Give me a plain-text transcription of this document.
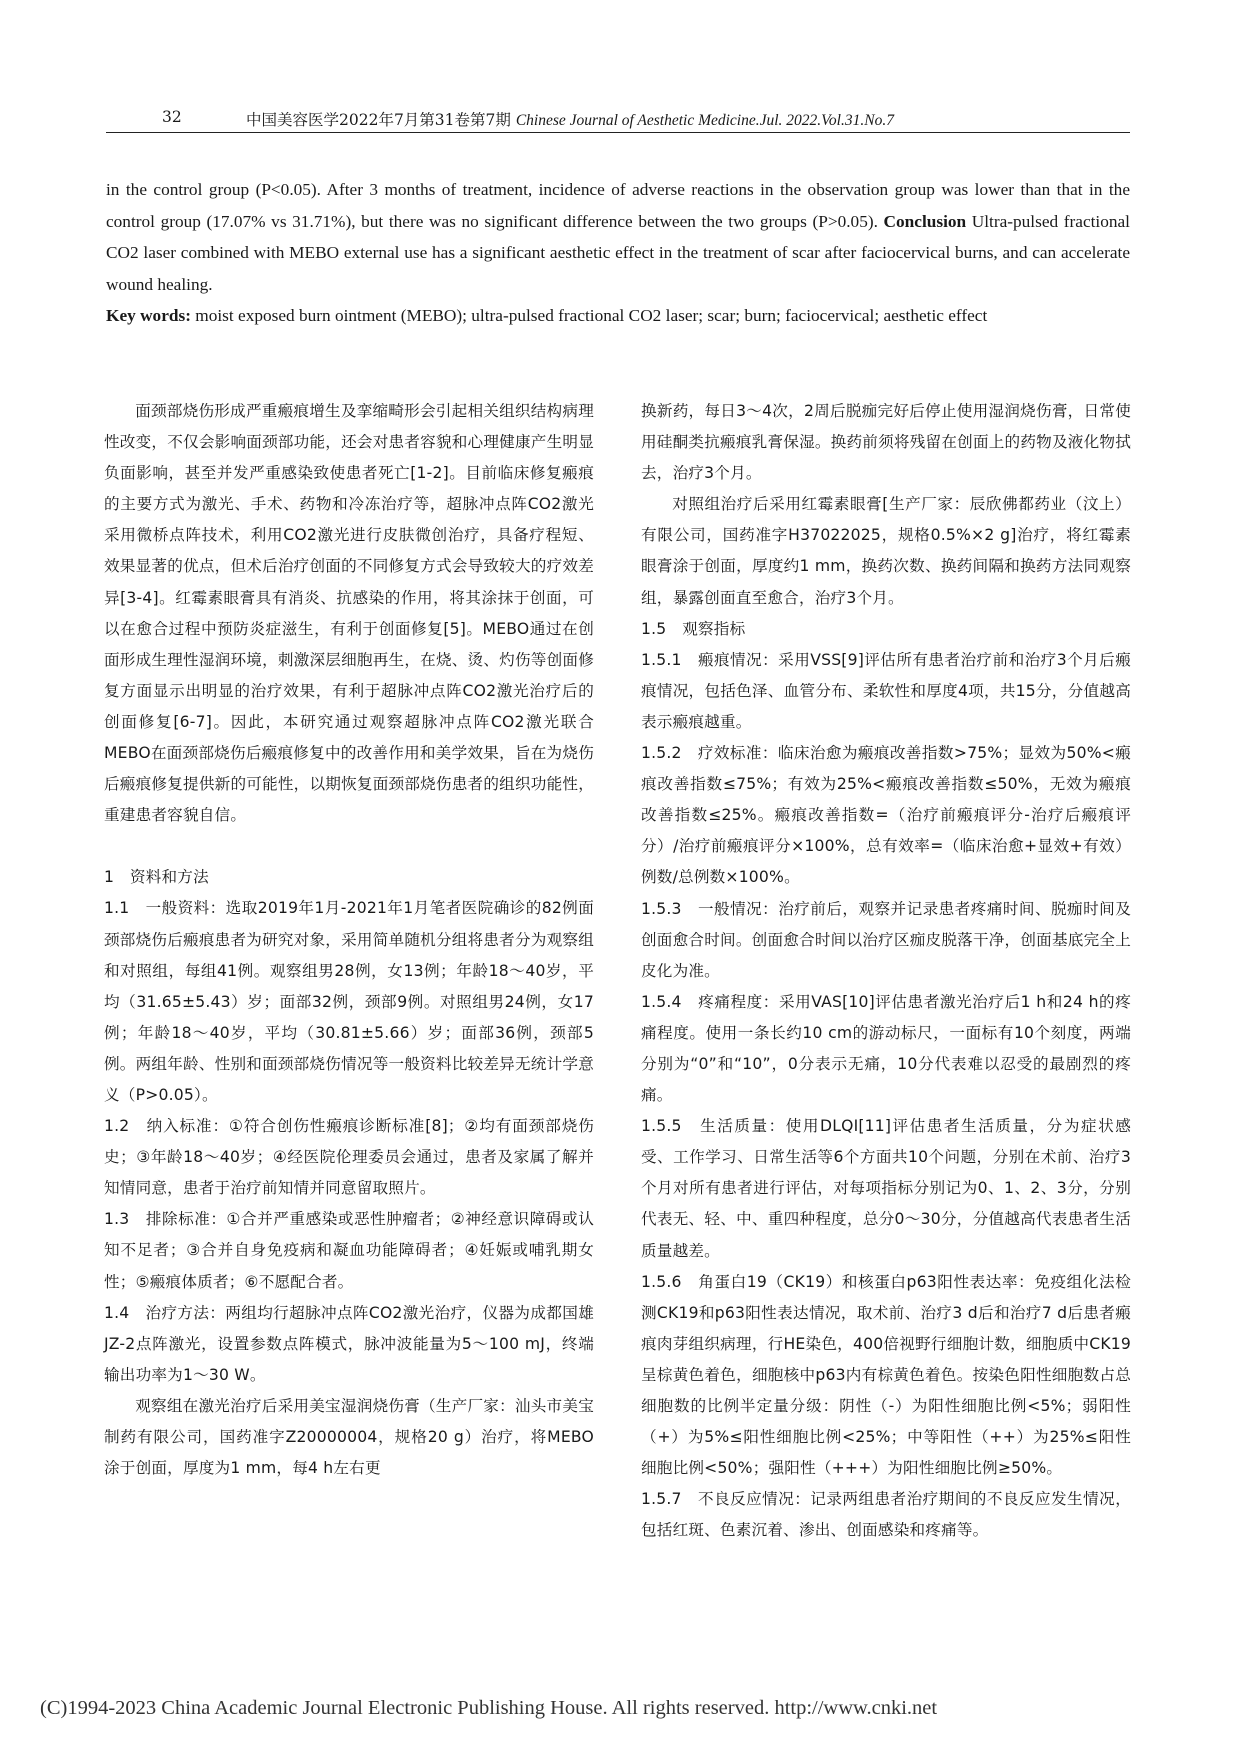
32	中国美容医学2022年7月第31卷第7期 Chinese Journal of Aesthetic Medicine.Jul. 2022.Vol.31.No.7

in the control group (P<0.05). After 3 months of treatment, incidence of adverse reactions in the observation group was lower than that in the control group (17.07% vs 31.71%), but there was no significant difference between the two groups (P>0.05). Conclusion Ultra-pulsed fractional CO2 laser combined with MEBO external use has a significant aesthetic effect in the treatment of scar after faciocervical burns, and can accelerate wound healing.

Key words: moist exposed burn ointment (MEBO); ultra-pulsed fractional CO2 laser; scar; burn; faciocervical; aesthetic effect

面颈部烧伤形成严重瘢痕增生及挛缩畸形会引起相关组织结构病理性改变，不仅会影响面颈部功能，还会对患者容貌和心理健康产生明显负面影响，甚至并发严重感染致使患者死亡[1-2]。目前临床修复瘢痕的主要方式为激光、手术、药物和冷冻治疗等，超脉冲点阵CO2激光采用微桥点阵技术，利用CO2激光进行皮肤微创治疗，具备疗程短、效果显著的优点，但术后治疗创面的不同修复方式会导致较大的疗效差异[3-4]。红霉素眼膏具有消炎、抗感染的作用，将其涂抹于创面，可以在愈合过程中预防炎症滋生，有利于创面修复[5]。MEBO通过在创面形成生理性湿润环境，刺激深层细胞再生，在烧、烫、灼伤等创面修复方面显示出明显的治疗效果，有利于超脉冲点阵CO2激光治疗后的创面修复[6-7]。因此，本研究通过观察超脉冲点阵CO2激光联合MEBO在面颈部烧伤后瘢痕修复中的改善作用和美学效果，旨在为烧伤后瘢痕修复提供新的可能性，以期恢复面颈部烧伤患者的组织功能性，重建患者容貌自信。

1　资料和方法

1.1　一般资料：选取2019年1月-2021年1月笔者医院确诊的82例面颈部烧伤后瘢痕患者为研究对象，采用简单随机分组将患者分为观察组和对照组，每组41例。观察组男28例，女13例；年龄18～40岁，平均（31.65±5.43）岁；面部32例，颈部9例。对照组男24例，女17例；年龄18～40岁，平均（30.81±5.66）岁；面部36例，颈部5例。两组年龄、性别和面颈部烧伤情况等一般资料比较差异无统计学意义（P>0.05）。

1.2　纳入标准：①符合创伤性瘢痕诊断标准[8]；②均有面颈部烧伤史；③年龄18～40岁；④经医院伦理委员会通过，患者及家属了解并知情同意，患者于治疗前知情并同意留取照片。

1.3　排除标准：①合并严重感染或恶性肿瘤者；②神经意识障碍或认知不足者；③合并自身免疫病和凝血功能障碍者；④妊娠或哺乳期女性；⑤瘢痕体质者；⑥不愿配合者。

1.4　治疗方法：两组均行超脉冲点阵CO2激光治疗，仪器为成都国雄JZ-2点阵激光，设置参数点阵模式，脉冲波能量为5～100 mJ，终端输出功率为1～30 W。

观察组在激光治疗后采用美宝湿润烧伤膏（生产厂家：汕头市美宝制药有限公司，国药准字Z20000004，规格20 g）治疗，将MEBO涂于创面，厚度为1 mm，每4 h左右更

换新药，每日3～4次，2周后脱痂完好后停止使用湿润烧伤膏，日常使用硅酮类抗瘢痕乳膏保湿。换药前须将残留在创面上的药物及液化物拭去，治疗3个月。

对照组治疗后采用红霉素眼膏[生产厂家：辰欣佛都药业（汶上）有限公司，国药准字H37022025，规格0.5%×2 g]治疗，将红霉素眼膏涂于创面，厚度约1 mm，换药次数、换药间隔和换药方法同观察组，暴露创面直至愈合，治疗3个月。

1.5　观察指标

1.5.1　瘢痕情况：采用VSS[9]评估所有患者治疗前和治疗3个月后瘢痕情况，包括色泽、血管分布、柔软性和厚度4项，共15分，分值越高表示瘢痕越重。

1.5.2　疗效标准：临床治愈为瘢痕改善指数>75%；显效为50%<瘢痕改善指数≤75%；有效为25%<瘢痕改善指数≤50%，无效为瘢痕改善指数≤25%。瘢痕改善指数=（治疗前瘢痕评分-治疗后瘢痕评分）/治疗前瘢痕评分×100%，总有效率=（临床治愈+显效+有效）例数/总例数×100%。

1.5.3　一般情况：治疗前后，观察并记录患者疼痛时间、脱痂时间及创面愈合时间。创面愈合时间以治疗区痂皮脱落干净，创面基底完全上皮化为准。

1.5.4　疼痛程度：采用VAS[10]评估患者激光治疗后1 h和24 h的疼痛程度。使用一条长约10 cm的游动标尺，一面标有10个刻度，两端分别为“0”和“10”，0分表示无痛，10分代表难以忍受的最剧烈的疼痛。

1.5.5　生活质量：使用DLQI[11]评估患者生活质量，分为症状感受、工作学习、日常生活等6个方面共10个问题，分别在术前、治疗3个月对所有患者进行评估，对每项指标分别记为0、1、2、3分，分别代表无、轻、中、重四种程度，总分0～30分，分值越高代表患者生活质量越差。

1.5.6　角蛋白19（CK19）和核蛋白p63阳性表达率：免疫组化法检测CK19和p63阳性表达情况，取术前、治疗3 d后和治疗7 d后患者瘢痕肉芽组织病理，行HE染色，400倍视野行细胞计数，细胞质中CK19呈棕黄色着色，细胞核中p63内有棕黄色着色。按染色阳性细胞数占总细胞数的比例半定量分级：阴性（-）为阳性细胞比例<5%；弱阳性（+）为5%≤阳性细胞比例<25%；中等阳性（++）为25%≤阳性细胞比例<50%；强阳性（+++）为阳性细胞比例≥50%。

1.5.7　不良反应情况：记录两组患者治疗期间的不良反应发生情况，包括红斑、色素沉着、渗出、创面感染和疼痛等。

(C)1994-2023 China Academic Journal Electronic Publishing House. All rights reserved. http://www.cnki.net
